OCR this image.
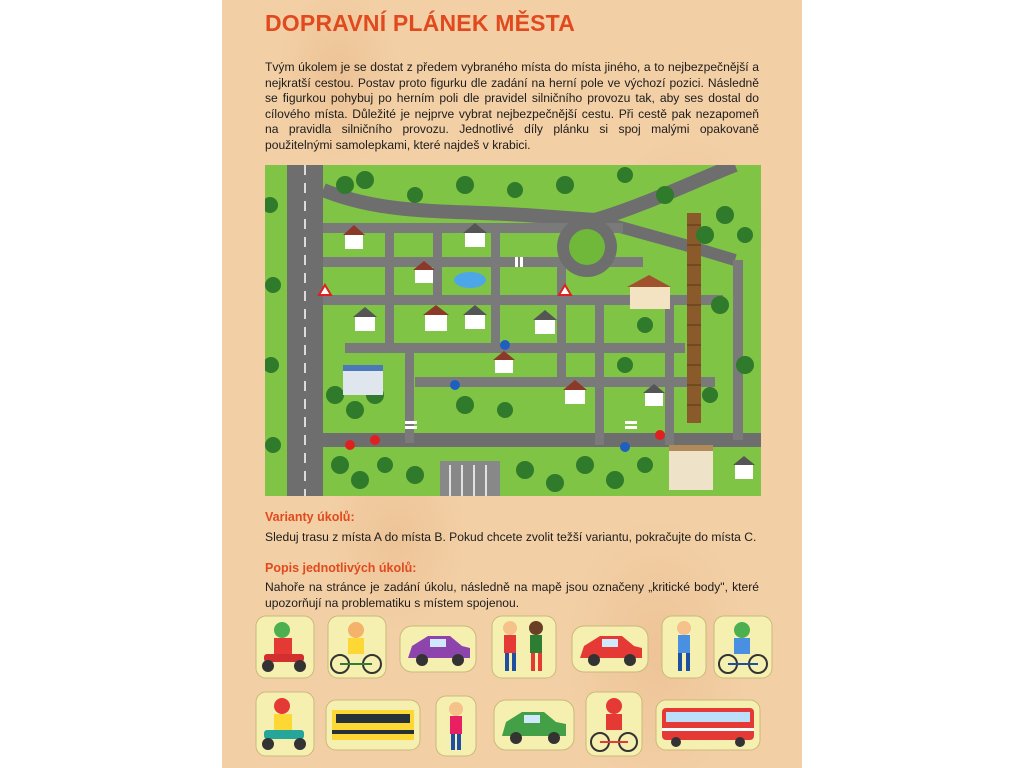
DOPRAVNÍ PLÁNEK MĚSTA

Tvým úkolem je se dostat z předem vybraného místa do místa jiného, a to nejbezpečnější a nejkratší cestou. Postav proto figurku dle zadání na herní pole ve výchozí pozici. Následně se figurkou pohybuj po herním poli dle pravidel silničního provozu tak, aby ses dostal do cílového místa. Důležité je nejprve vybrat nejbezpečnější cestu. Při cestě pak nezapomeň na pravidla silničního provozu. Jednotlivé díly plánku si spoj malými opakovaně použitelnými samolepkami, které najdeš v krabici.

Varianty úkolů:

Sleduj trasu z místa A do místa B. Pokud chcete zvolit težší variantu, pokračujte do místa C.

Popis jednotlivých úkolů:

Nahoře na stránce je zadání úkolu, následně na mapě jsou označeny „kritické body", které upozorňují na problematiku s místem spojenou.
